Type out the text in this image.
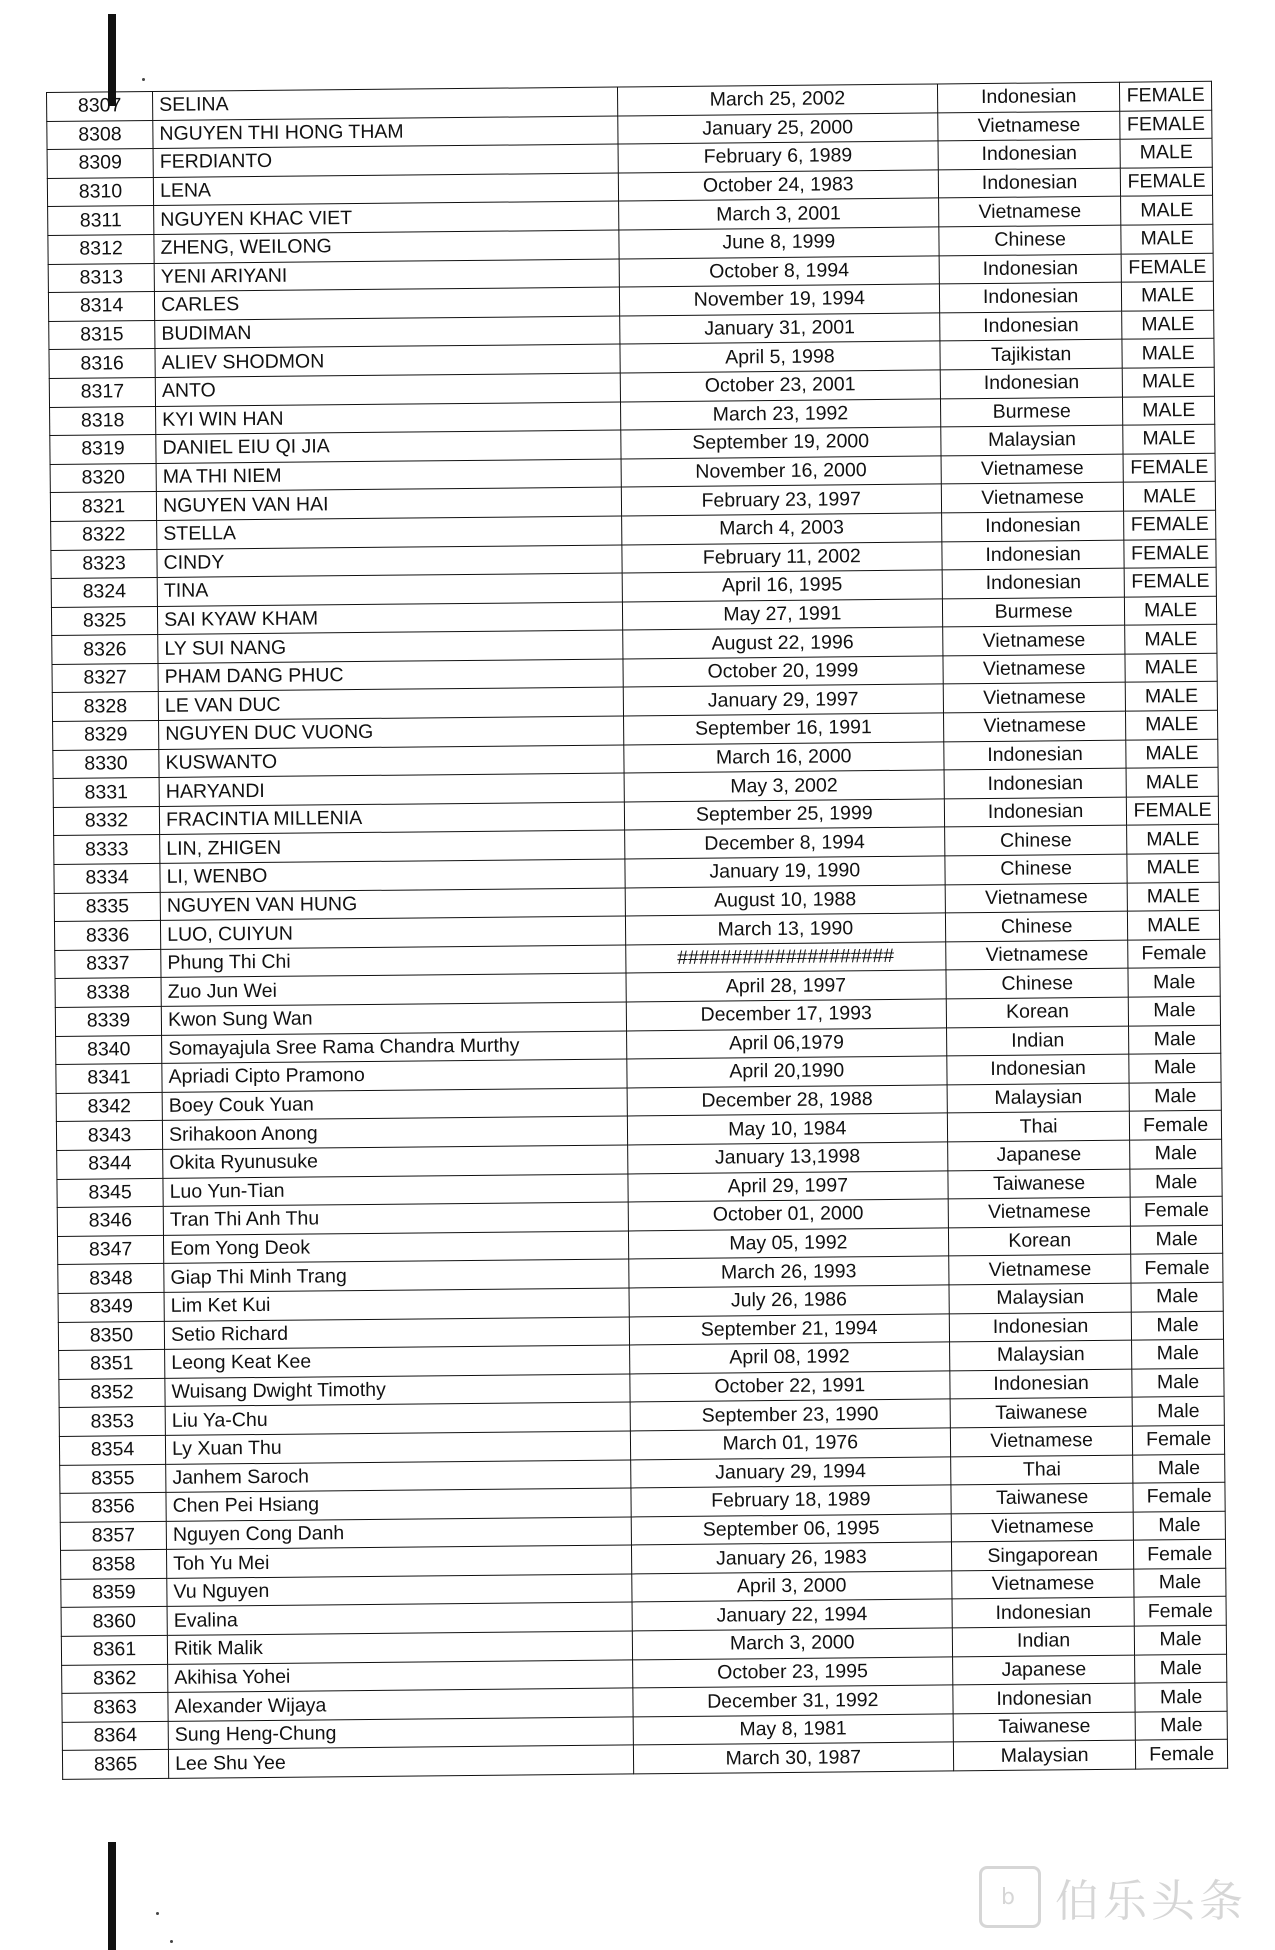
8307	SELINA	March 25, 2002	Indonesian	FEMALE
8308	NGUYEN THI HONG THAM	January 25, 2000	Vietnamese	FEMALE
8309	FERDIANTO	February 6, 1989	Indonesian	MALE
8310	LENA	October 24, 1983	Indonesian	FEMALE
8311	NGUYEN KHAC VIET	March 3, 2001	Vietnamese	MALE
8312	ZHENG, WEILONG	June 8, 1999	Chinese	MALE
8313	YENI ARIYANI	October 8, 1994	Indonesian	FEMALE
8314	CARLES	November 19, 1994	Indonesian	MALE
8315	BUDIMAN	January 31, 2001	Indonesian	MALE
8316	ALIEV SHODMON	April 5, 1998	Tajikistan	MALE
8317	ANTO	October 23, 2001	Indonesian	MALE
8318	KYI WIN HAN	March 23, 1992	Burmese	MALE
8319	DANIEL EIU QI JIA	September 19, 2000	Malaysian	MALE
8320	MA THI NIEM	November 16, 2000	Vietnamese	FEMALE
8321	NGUYEN VAN HAI	February 23, 1997	Vietnamese	MALE
8322	STELLA	March 4, 2003	Indonesian	FEMALE
8323	CINDY	February 11, 2002	Indonesian	FEMALE
8324	TINA	April 16, 1995	Indonesian	FEMALE
8325	SAI KYAW KHAM	May 27, 1991	Burmese	MALE
8326	LY SUI NANG	August 22, 1996	Vietnamese	MALE
8327	PHAM DANG PHUC	October 20, 1999	Vietnamese	MALE
8328	LE VAN DUC	January 29, 1997	Vietnamese	MALE
8329	NGUYEN DUC VUONG	September 16, 1991	Vietnamese	MALE
8330	KUSWANTO	March 16, 2000	Indonesian	MALE
8331	HARYANDI	May 3, 2002	Indonesian	MALE
8332	FRACINTIA MILLENIA	September 25, 1999	Indonesian	FEMALE
8333	LIN, ZHIGEN	December 8, 1994	Chinese	MALE
8334	LI, WENBO	January 19, 1990	Chinese	MALE
8335	NGUYEN VAN HUNG	August 10, 1988	Vietnamese	MALE
8336	LUO, CUIYUN	March 13, 1990	Chinese	MALE
8337	Phung Thi Chi	####################	Vietnamese	Female
8338	Zuo Jun Wei	April 28, 1997	Chinese	Male
8339	Kwon Sung Wan	December 17, 1993	Korean	Male
8340	Somayajula Sree Rama Chandra Murthy	April 06,1979	Indian	Male
8341	Apriadi Cipto Pramono	April 20,1990	Indonesian	Male
8342	Boey Couk Yuan	December 28, 1988	Malaysian	Male
8343	Srihakoon Anong	May 10, 1984	Thai	Female
8344	Okita Ryunusuke	January 13,1998	Japanese	Male
8345	Luo Yun-Tian	April 29, 1997	Taiwanese	Male
8346	Tran Thi Anh Thu	October 01, 2000	Vietnamese	Female
8347	Eom Yong Deok	May 05, 1992	Korean	Male
8348	Giap Thi Minh Trang	March 26, 1993	Vietnamese	Female
8349	Lim Ket Kui	July 26, 1986	Malaysian	Male
8350	Setio Richard	September 21, 1994	Indonesian	Male
8351	Leong Keat Kee	April 08, 1992	Malaysian	Male
8352	Wuisang Dwight Timothy	October 22, 1991	Indonesian	Male
8353	Liu Ya-Chu	September 23, 1990	Taiwanese	Male
8354	Ly Xuan Thu	March 01, 1976	Vietnamese	Female
8355	Janhem Saroch	January 29, 1994	Thai	Male
8356	Chen Pei Hsiang	February 18, 1989	Taiwanese	Female
8357	Nguyen Cong Danh	September 06, 1995	Vietnamese	Male
8358	Toh Yu Mei	January 26, 1983	Singaporean	Female
8359	Vu Nguyen	April 3, 2000	Vietnamese	Male
8360	Evalina	January 22, 1994	Indonesian	Female
8361	Ritik Malik	March 3, 2000	Indian	Male
8362	Akihisa Yohei	October 23, 1995	Japanese	Male
8363	Alexander Wijaya	December 31, 1992	Indonesian	Male
8364	Sung Heng-Chung	May 8, 1981	Taiwanese	Male
8365	Lee Shu Yee	March 30, 1987	Malaysian	Female
b 伯乐头条
